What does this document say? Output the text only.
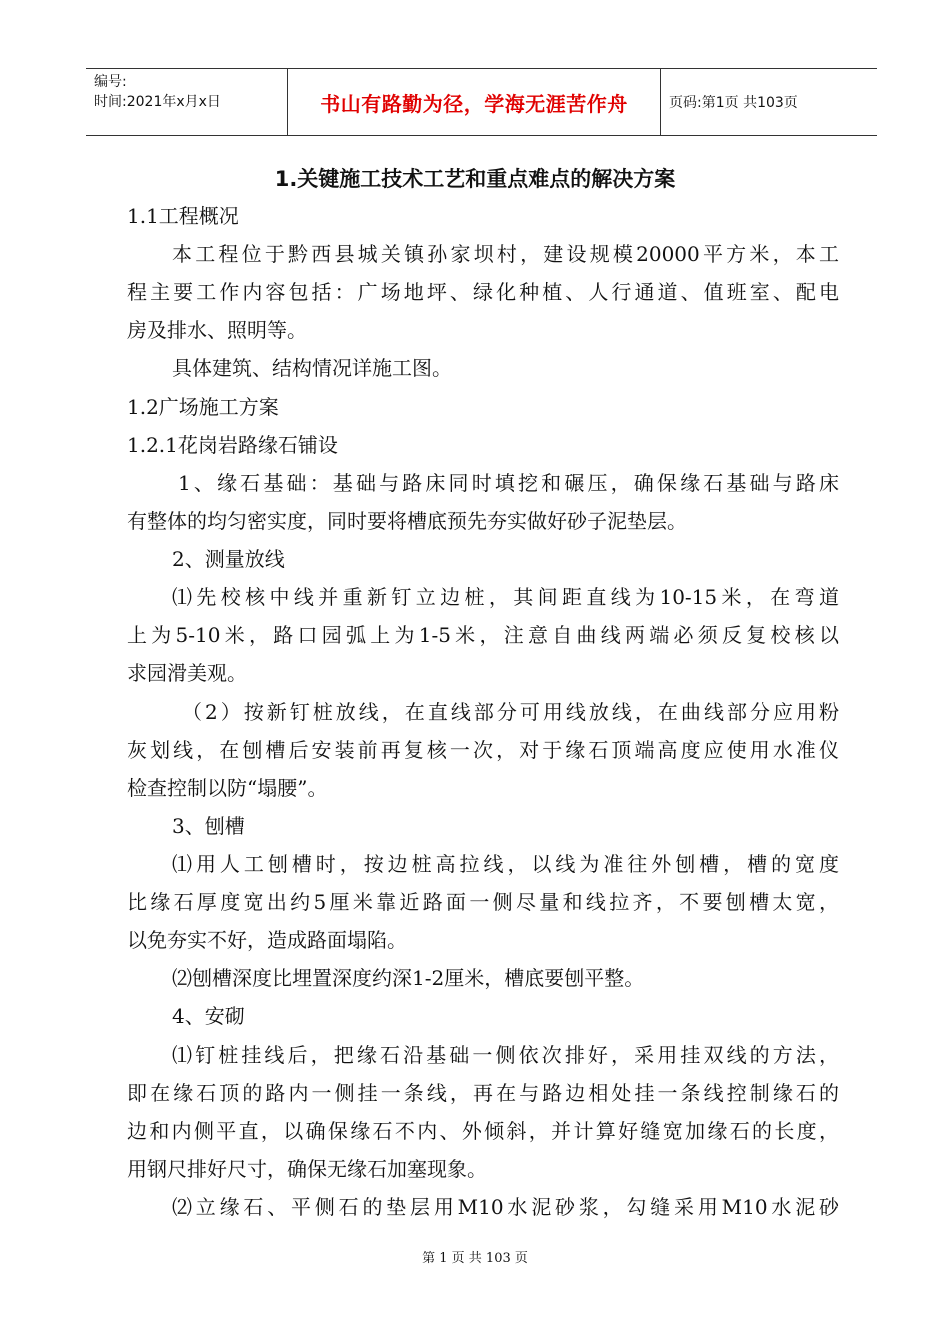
编号:
时间:2021年x月x日	书山有路勤为径，学海无涯苦作舟	页码:第1页 共103页
1.关键施工技术工艺和重点难点的解决方案
1.1工程概况
本工程位于黔西县城关镇孙家坝村，建设规模20000平方米，本工
程主要工作内容包括：广场地坪、绿化种植、人行通道、值班室、配电
房及排水、照明等。
具体建筑、结构情况详施工图。
1.2广场施工方案
1.2.1花岗岩路缘石铺设
1、缘石基础：基础与路床同时填挖和碾压，确保缘石基础与路床
有整体的均匀密实度，同时要将槽底预先夯实做好砂子泥垫层。
2、测量放线
⑴先校核中线并重新钉立边桩，其间距直线为10-15米，在弯道
上为5-10米，路口园弧上为1-5米，注意自曲线两端必须反复校核以
求园滑美观。
（2）按新钉桩放线，在直线部分可用线放线，在曲线部分应用粉
灰划线，在刨槽后安装前再复核一次，对于缘石顶端高度应使用水准仪
检查控制以防“塌腰”。
3、刨槽
⑴用人工刨槽时，按边桩高拉线，以线为准往外刨槽，槽的宽度
比缘石厚度宽出约5厘米靠近路面一侧尽量和线拉齐，不要刨槽太宽，
以免夯实不好，造成路面塌陷。
⑵刨槽深度比埋置深度约深1-2厘米，槽底要刨平整。
4、安砌
⑴钉桩挂线后，把缘石沿基础一侧依次排好，采用挂双线的方法，
即在缘石顶的路内一侧挂一条线，再在与路边相处挂一条线控制缘石的
边和内侧平直，以确保缘石不内、外倾斜，并计算好缝宽加缘石的长度，
用钢尺排好尺寸，确保无缘石加塞现象。
⑵立缘石、平侧石的垫层用M10水泥砂浆，勾缝采用M10水泥砂
第 1 页 共 103 页
